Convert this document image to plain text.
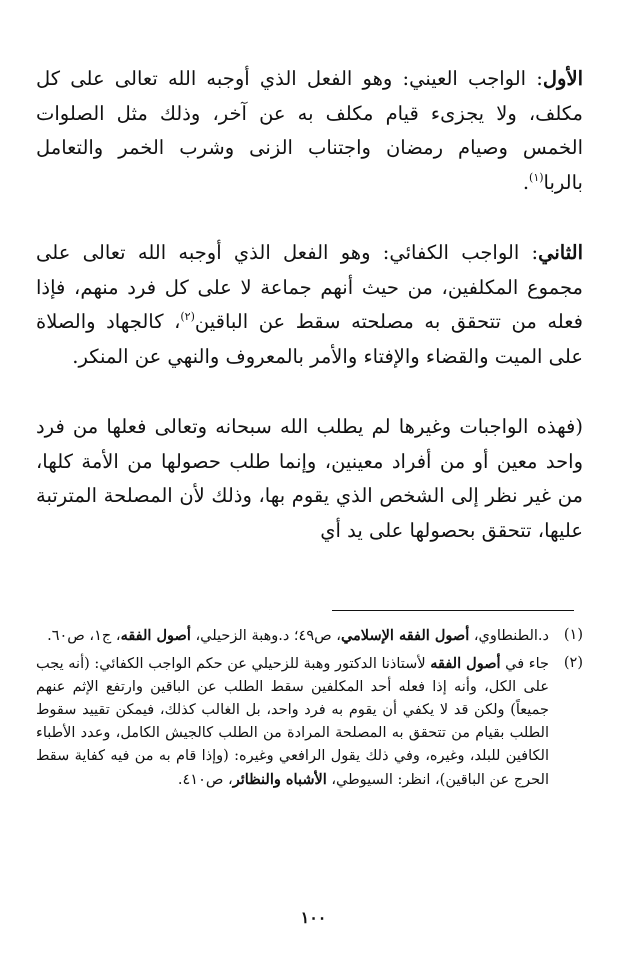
الأول: الواجب العيني: وهو الفعل الذي أوجبه الله تعالى على كل مكلف، ولا يجزىء قيام مكلف به عن آخر، وذلك مثل الصلوات الخمس وصيام رمضان واجتناب الزنى وشرب الخمر والتعامل بالربا$^{(١)}$.

الثاني: الواجب الكفائي: وهو الفعل الذي أوجبه الله تعالى على مجموع المكلفين، من حيث أنهم جماعة لا على كل فرد منهم، فإذا فعله من تتحقق به مصلحته سقط عن الباقين$^{(٢)}$، كالجهاد والصلاة على الميت والقضاء والإفتاء والأمر بالمعروف والنهي عن المنكر.

(فهذه الواجبات وغيرها لم يطلب الله سبحانه وتعالى فعلها من فرد واحد معين أو من أفراد معينين، وإنما طلب حصولها من الأمة كلها، من غير نظر إلى الشخص الذي يقوم بها، وذلك لأن المصلحة المترتبة عليها، تتحقق بحصولها على يد أي

(١)
د.الطنطاوي، أصول الفقه الإسلامي، ص٤٩؛ د.وهبة الزحيلي، أصول الفقه، ج١، ص٦٠.

(٢)
جاء في أصول الفقه لأستاذنا الدكتور وهبة للزحيلي عن حكم الواجب الكفائي: (أنه يجب على الكل، وأنه إذا فعله أحد المكلفين سقط الطلب عن الباقين وارتفع الإثم عنهم جميعاً) ولكن قد لا يكفي أن يقوم به فرد واحد، بل الغالب كذلك، فيمكن تقييد سقوط الطلب بقيام من تتحقق به المصلحة المرادة من الطلب كالجيش الكامل، وعدد الأطباء الكافين للبلد، وغيره، وفي ذلك يقول الرافعي وغيره: (وإذا قام به من فيه كفاية سقط الحرج عن الباقين)، انظر: السيوطي، الأشباه والنظائر، ص٤١٠.

١٠٠
